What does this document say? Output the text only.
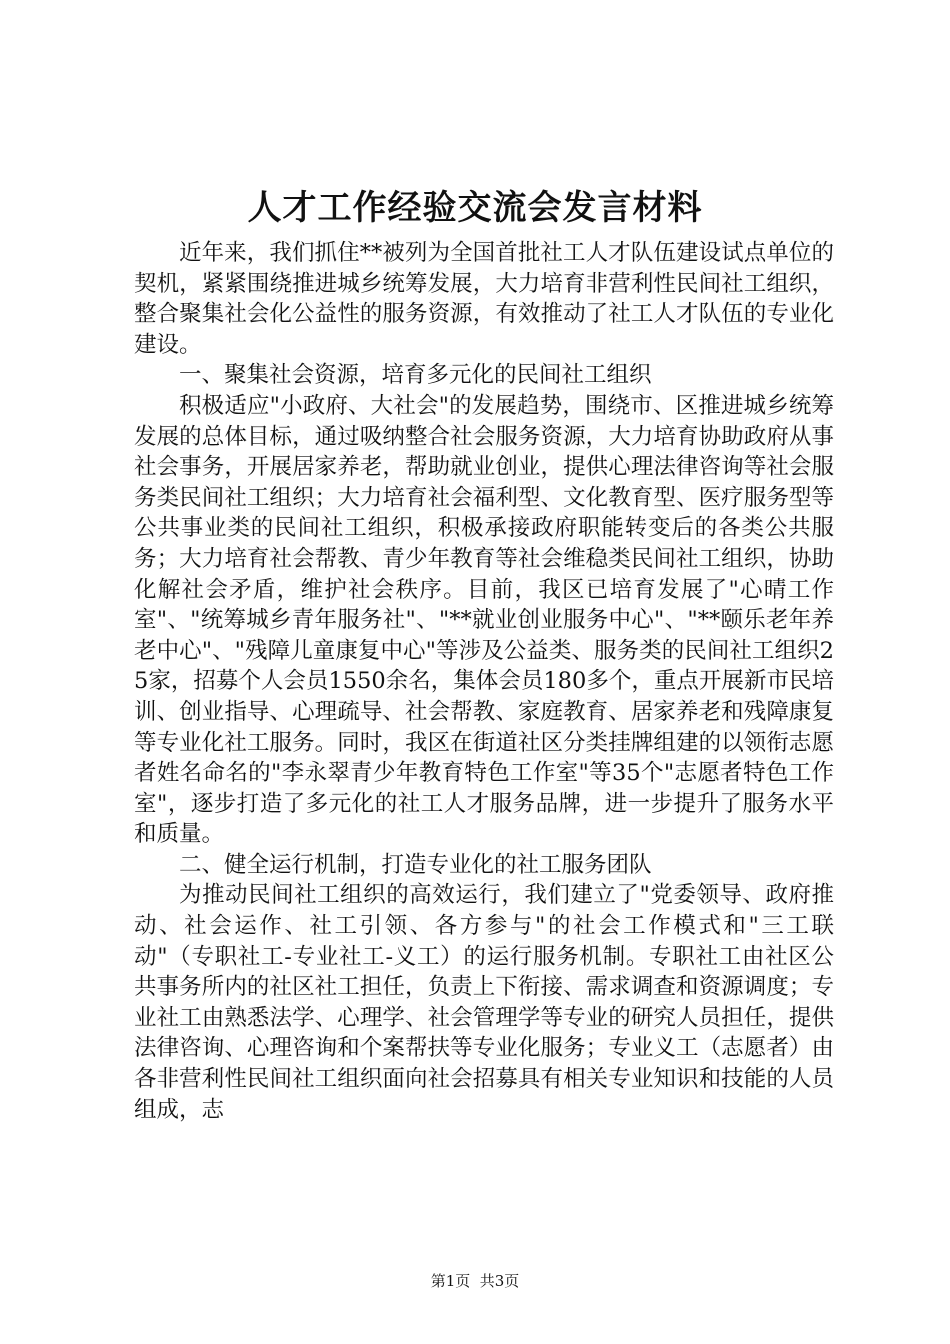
人才工作经验交流会发言材料

近年来，我们抓住**被列为全国首批社工人才队伍建设试点单位的契机，紧紧围绕推进城乡统筹发展，大力培育非营利性民间社工组织，整合聚集社会化公益性的服务资源，有效推动了社工人才队伍的专业化建设。

一、聚集社会资源，培育多元化的民间社工组织

积极适应"小政府、大社会"的发展趋势，围绕市、区推进城乡统筹发展的总体目标，通过吸纳整合社会服务资源，大力培育协助政府从事社会事务，开展居家养老，帮助就业创业，提供心理法律咨询等社会服务类民间社工组织；大力培育社会福利型、文化教育型、医疗服务型等公共事业类的民间社工组织，积极承接政府职能转变后的各类公共服务；大力培育社会帮教、青少年教育等社会维稳类民间社工组织，协助化解社会矛盾，维护社会秩序。目前，我区已培育发展了"心晴工作室"、"统筹城乡青年服务社"、"**就业创业服务中心"、"**颐乐老年养老中心"、"残障儿童康复中心"等涉及公益类、服务类的民间社工组织25家，招募个人会员1550余名，集体会员180多个，重点开展新市民培训、创业指导、心理疏导、社会帮教、家庭教育、居家养老和残障康复等专业化社工服务。同时，我区在街道社区分类挂牌组建的以领衔志愿者姓名命名的"李永翠青少年教育特色工作室"等35个"志愿者特色工作室"，逐步打造了多元化的社工人才服务品牌，进一步提升了服务水平和质量。

二、健全运行机制，打造专业化的社工服务团队

为推动民间社工组织的高效运行，我们建立了"党委领导、政府推动、社会运作、社工引领、各方参与"的社会工作模式和"三工联动"（专职社工-专业社工-义工）的运行服务机制。专职社工由社区公共事务所内的社区社工担任，负责上下衔接、需求调查和资源调度；专业社工由熟悉法学、心理学、社会管理学等专业的研究人员担任，提供法律咨询、心理咨询和个案帮扶等专业化服务；专业义工（志愿者）由各非营利性民间社工组织面向社会招募具有相关专业知识和技能的人员组成，志

第1页  共3页
